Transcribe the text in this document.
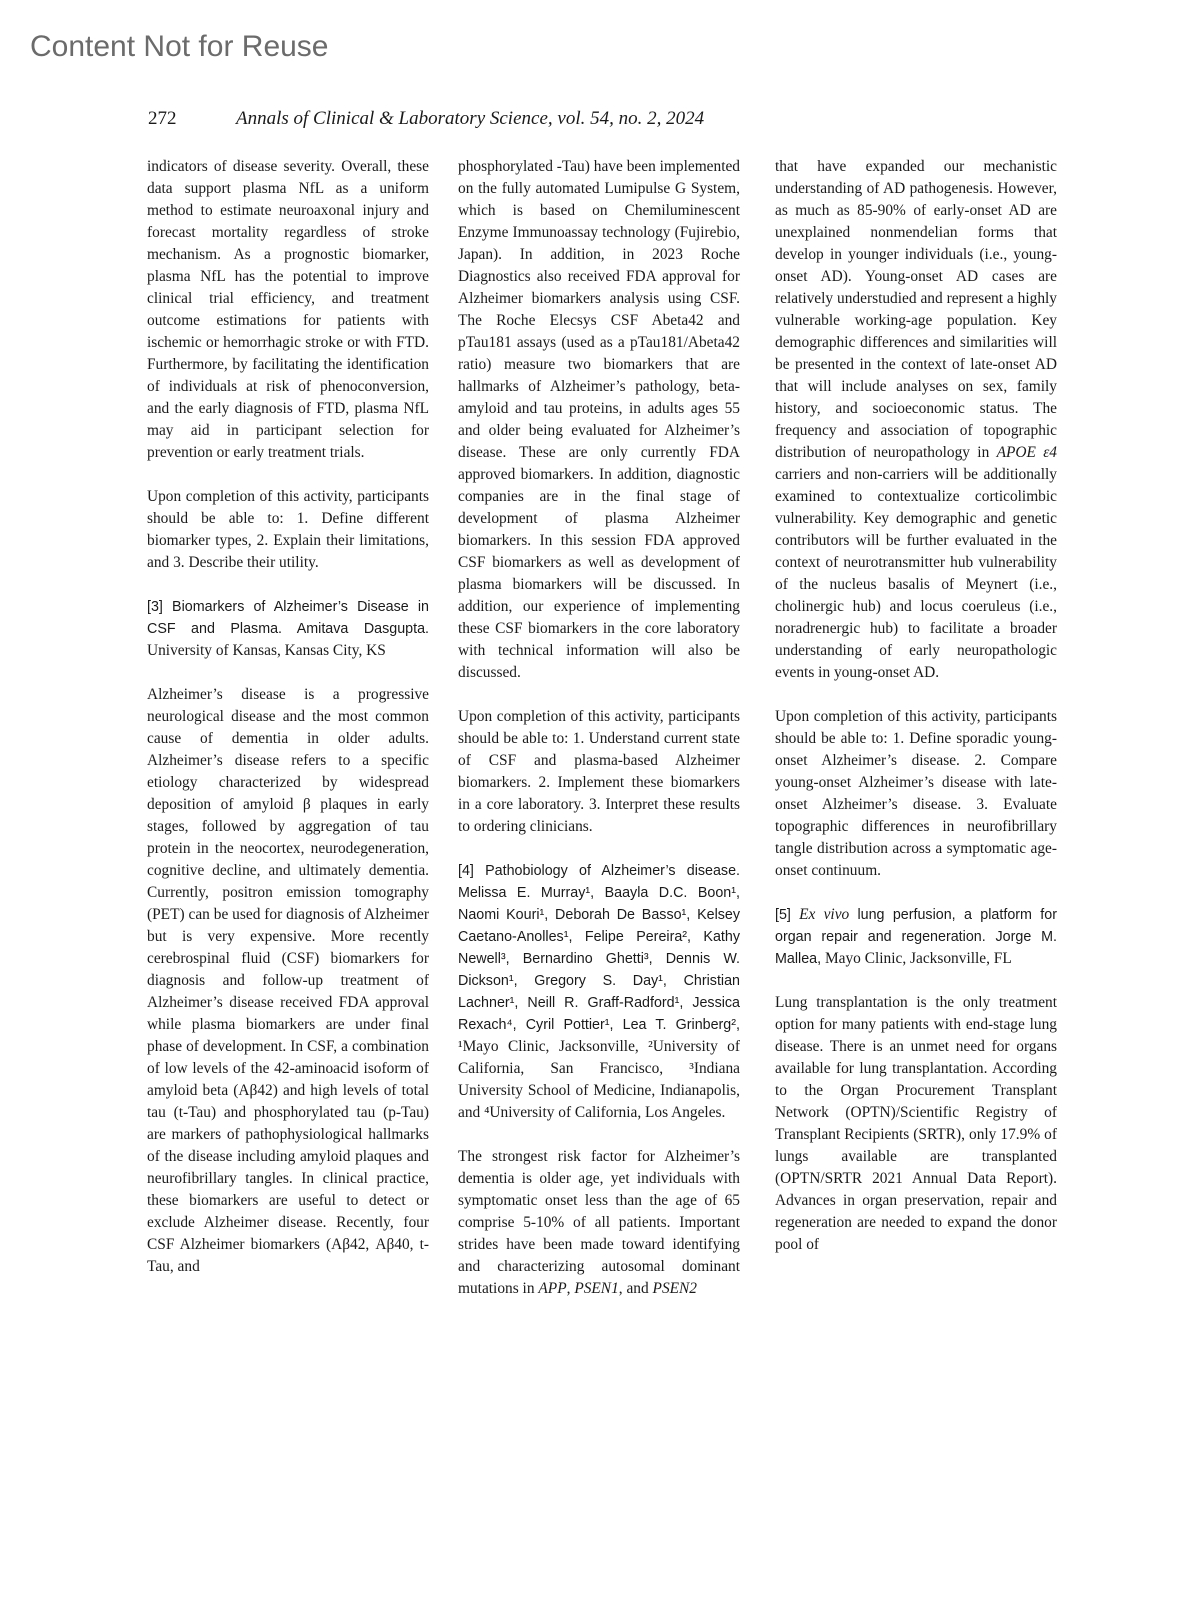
Content Not for Reuse
272	Annals of Clinical & Laboratory Science, vol. 54, no. 2, 2024

indicators of disease severity. Overall, these data support plasma NfL as a uniform method to estimate neuroaxonal injury and forecast mortality regardless of stroke mechanism. As a prognostic biomarker, plasma NfL has the potential to improve clinical trial efficiency, and treatment outcome estimations for patients with ischemic or hemorrhagic stroke or with FTD. Furthermore, by facilitating the identification of individuals at risk of phenoconversion, and the early diagnosis of FTD, plasma NfL may aid in participant selection for prevention or early treatment trials.

Upon completion of this activity, participants should be able to: 1. Define different biomarker types, 2. Explain their limitations, and 3. Describe their utility.

[3] Biomarkers of Alzheimer’s Disease in CSF and Plasma. Amitava Dasgupta. University of Kansas, Kansas City, KS

Alzheimer’s disease is a progressive neurological disease and the most common cause of dementia in older adults. Alzheimer’s disease refers to a specific etiology characterized by widespread deposition of amyloid β plaques in early stages, followed by aggregation of tau protein in the neocortex, neurodegeneration, cognitive decline, and ultimately dementia. Currently, positron emission tomography (PET) can be used for diagnosis of Alzheimer but is very expensive. More recently cerebrospinal fluid (CSF) biomarkers for diagnosis and follow-up treatment of Alzheimer’s disease received FDA approval while plasma biomarkers are under final phase of development. In CSF, a combination of low levels of the 42-aminoacid isoform of amyloid beta (Aβ42) and high levels of total tau (t-Tau) and phosphorylated tau (p-Tau) are markers of pathophysiological hallmarks of the disease including amyloid plaques and neurofibrillary tangles. In clinical practice, these biomarkers are useful to detect or exclude Alzheimer disease. Recently, four CSF Alzheimer biomarkers (Aβ42, Aβ40, t-Tau, and

phosphorylated -Tau) have been implemented on the fully automated Lumipulse G System, which is based on Chemiluminescent Enzyme Immunoassay technology (Fujirebio, Japan). In addition, in 2023 Roche Diagnostics also received FDA approval for Alzheimer biomarkers analysis using CSF. The Roche Elecsys CSF Abeta42 and pTau181 assays (used as a pTau181/Abeta42 ratio) measure two biomarkers that are hallmarks of Alzheimer’s pathology, beta-amyloid and tau proteins, in adults ages 55 and older being evaluated for Alzheimer’s disease. These are only currently FDA approved biomarkers. In addition, diagnostic companies are in the final stage of development of plasma Alzheimer biomarkers. In this session FDA approved CSF biomarkers as well as development of plasma biomarkers will be discussed. In addition, our experience of implementing these CSF biomarkers in the core laboratory with technical information will also be discussed.

Upon completion of this activity, participants should be able to: 1. Understand current state of CSF and plasma-based Alzheimer biomarkers. 2. Implement these biomarkers in a core laboratory. 3. Interpret these results to ordering clinicians.

[4] Pathobiology of Alzheimer’s disease. Melissa E. Murray¹, Baayla D.C. Boon¹, Naomi Kouri¹, Deborah De Basso¹, Kelsey Caetano-Anolles¹, Felipe Pereira², Kathy Newell³, Bernardino Ghetti³, Dennis W. Dickson¹, Gregory S. Day¹, Christian Lachner¹, Neill R. Graff-Radford¹, Jessica Rexach⁴, Cyril Pottier¹, Lea T. Grinberg², ¹Mayo Clinic, Jacksonville, ²University of California, San Francisco, ³Indiana University School of Medicine, Indianapolis, and ⁴University of California, Los Angeles.

The strongest risk factor for Alzheimer’s dementia is older age, yet individuals with symptomatic onset less than the age of 65 comprise 5-10% of all patients. Important strides have been made toward identifying and characterizing autosomal dominant mutations in APP, PSEN1, and PSEN2

that have expanded our mechanistic understanding of AD pathogenesis. However, as much as 85-90% of early-onset AD are unexplained nonmendelian forms that develop in younger individuals (i.e., young-onset AD). Young-onset AD cases are relatively understudied and represent a highly vulnerable working-age population. Key demographic differences and similarities will be presented in the context of late-onset AD that will include analyses on sex, family history, and socioeconomic status. The frequency and association of topographic distribution of neuropathology in APOE ε4 carriers and non-carriers will be additionally examined to contextualize corticolimbic vulnerability. Key demographic and genetic contributors will be further evaluated in the context of neurotransmitter hub vulnerability of the nucleus basalis of Meynert (i.e., cholinergic hub) and locus coeruleus (i.e., noradrenergic hub) to facilitate a broader understanding of early neuropathologic events in young-onset AD.

Upon completion of this activity, participants should be able to: 1. Define sporadic young-onset Alzheimer’s disease. 2. Compare young-onset Alzheimer’s disease with late-onset Alzheimer’s disease. 3. Evaluate topographic differences in neurofibrillary tangle distribution across a symptomatic age-onset continuum.

[5] Ex vivo lung perfusion, a platform for organ repair and regeneration. Jorge M. Mallea, Mayo Clinic, Jacksonville, FL

Lung transplantation is the only treatment option for many patients with end-stage lung disease. There is an unmet need for organs available for lung transplantation. According to the Organ Procurement Transplant Network (OPTN)/Scientific Registry of Transplant Recipients (SRTR), only 17.9% of lungs available are transplanted (OPTN/SRTR 2021 Annual Data Report). Advances in organ preservation, repair and regeneration are needed to expand the donor pool of
